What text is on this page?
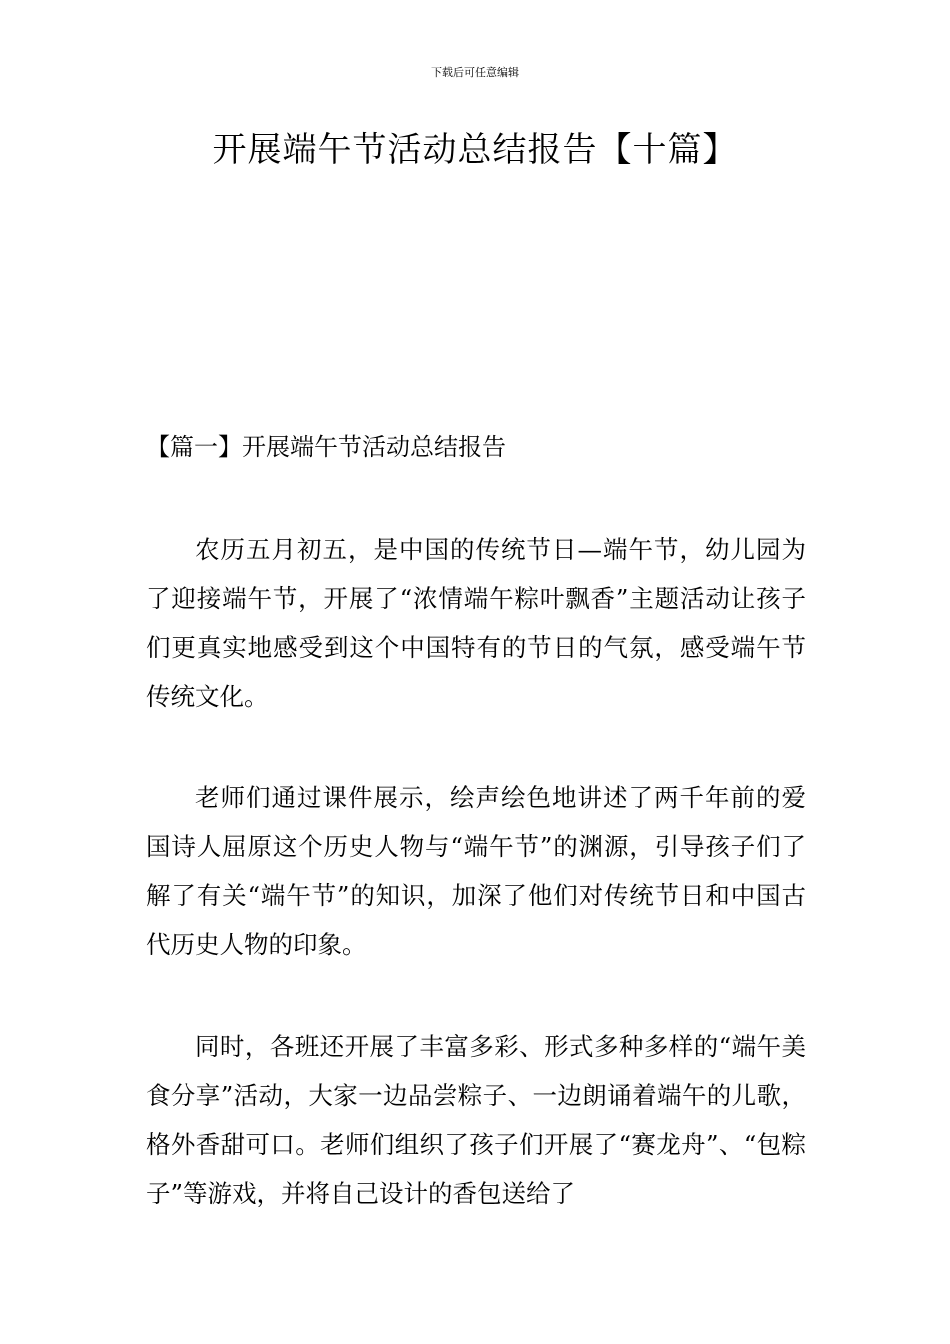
下载后可任意编辑
开展端午节活动总结报告【十篇】
【篇一】开展端午节活动总结报告

农历五月初五，是中国的传统节日—端午节，幼儿园为了迎接端午节，开展了“浓情端午粽叶飘香”主题活动让孩子们更真实地感受到这个中国特有的节日的气氛，感受端午节传统文化。

老师们通过课件展示，绘声绘色地讲述了两千年前的爱国诗人屈原这个历史人物与“端午节”的渊源，引导孩子们了解了有关“端午节”的知识，加深了他们对传统节日和中国古代历史人物的印象。

同时，各班还开展了丰富多彩、形式多种多样的“端午美食分享”活动，大家一边品尝粽子、一边朗诵着端午的儿歌，格外香甜可口。老师们组织了孩子们开展了“赛龙舟”、“包粽子”等游戏，并将自己设计的香包送给了
